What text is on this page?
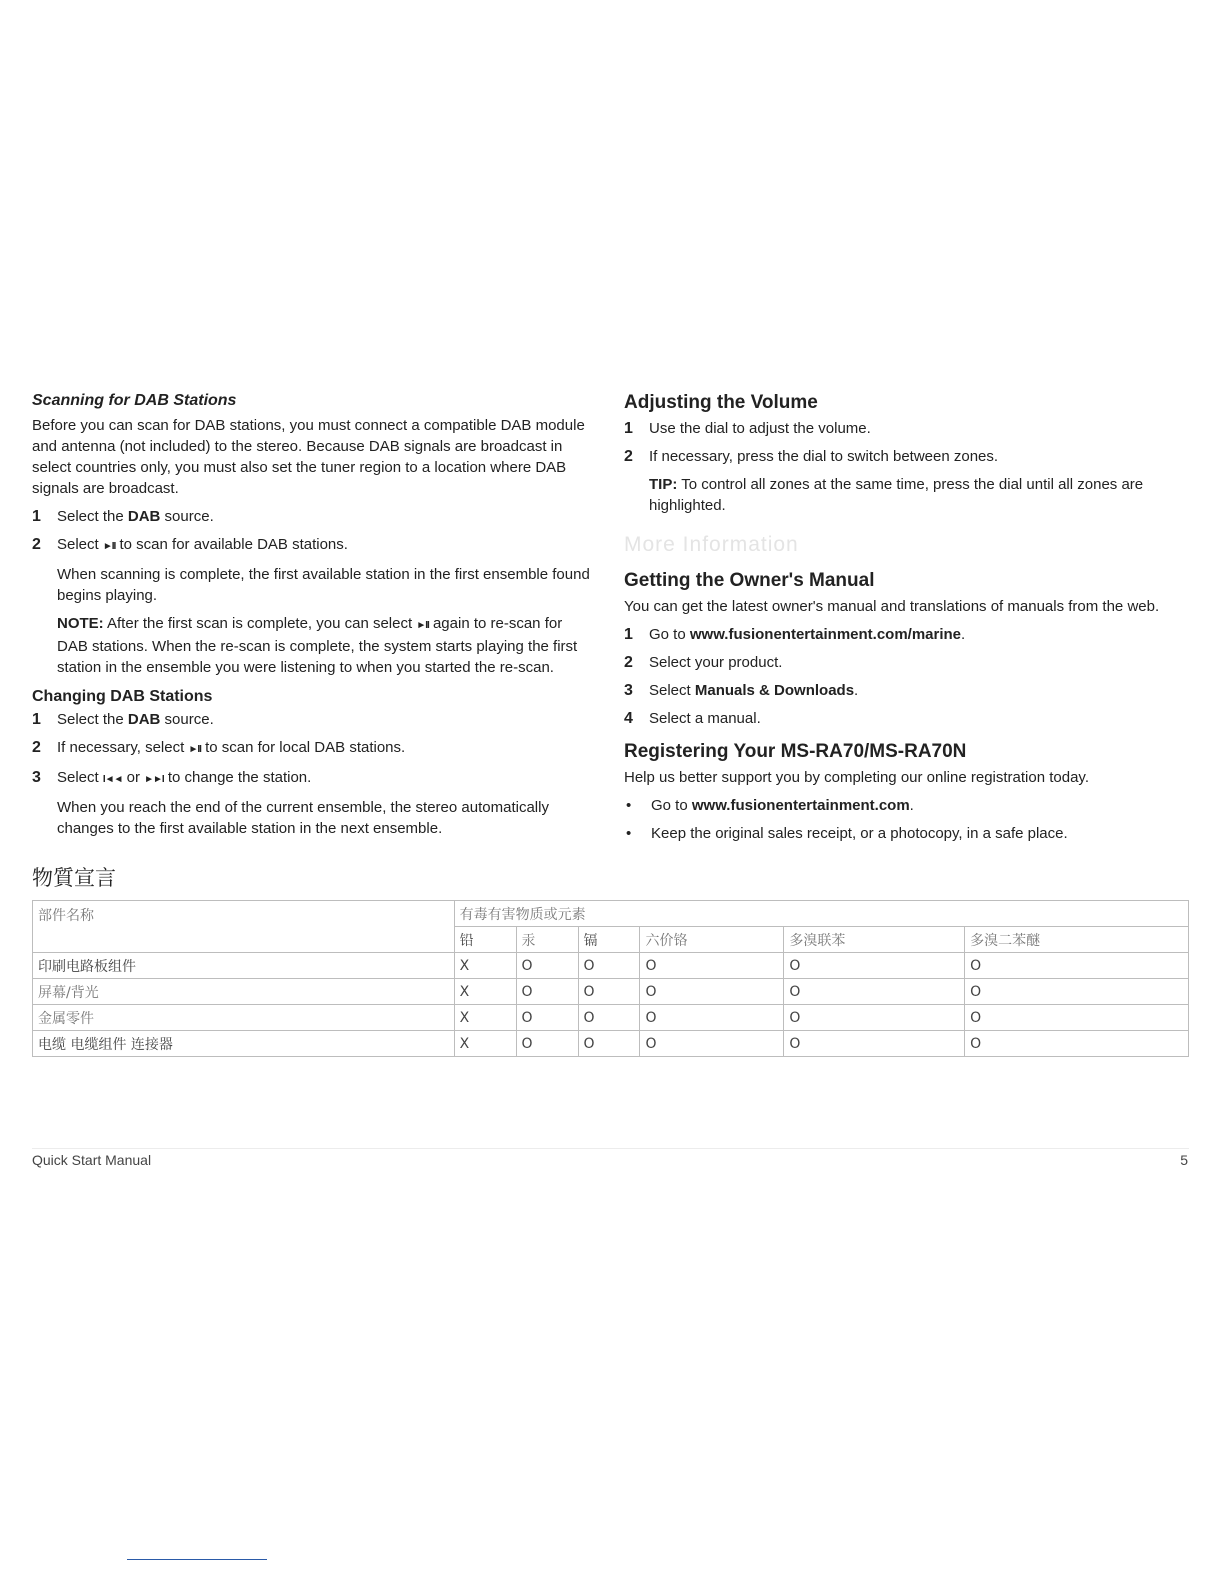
Scanning for DAB Stations

Before you can scan for DAB stations, you must connect a compatible DAB module and antenna (not included) to the stereo. Because DAB signals are broadcast in select countries only, you must also set the tuner region to a location where DAB signals are broadcast.

1	Select the DAB source.
2	Select ►II to scan for available DAB stations.
When scanning is complete, the first available station in the first ensemble found begins playing.
NOTE: After the first scan is complete, you can select ►II again to re-scan for DAB stations. When the re-scan is complete, the system starts playing the first station in the ensemble you were listening to when you started the re-scan.
Changing DAB Stations
1	Select the DAB source.
2	If necessary, select ►II to scan for local DAB stations.
3	Select I◄◄ or ►►I to change the station.
When you reach the end of the current ensemble, the stereo automatically changes to the first available station in the next ensemble.
Adjusting the Volume
1	Use the dial to adjust the volume.
2	If necessary, press the dial to switch between zones.
TIP: To control all zones at the same time, press the dial until all zones are highlighted.
More Information
Getting the Owner's Manual

You can get the latest owner's manual and translations of manuals from the web.

1	Go to www.fusionentertainment.com/marine.
2	Select your product.
3	Select Manuals & Downloads.
4	Select a manual.
Registering Your MS-RA70/MS-RA70N

Help us better support you by completing our online registration today.

•	Go to www.fusionentertainment.com.
•	Keep the original sales receipt, or a photocopy, in a safe place.
物質宣言
部件名称	有毒有害物质或元素					
	铅	汞	镉	六价铬	多溴联苯	多溴二苯醚
印刷电路板组件	X	O	O	O	O	O
屏幕/背光	X	O	O	O	O	O
金属零件	X	O	O	O	O	O
电缆 电缆组件 连接器	X	O	O	O	O	O
Quick Start Manual	5
